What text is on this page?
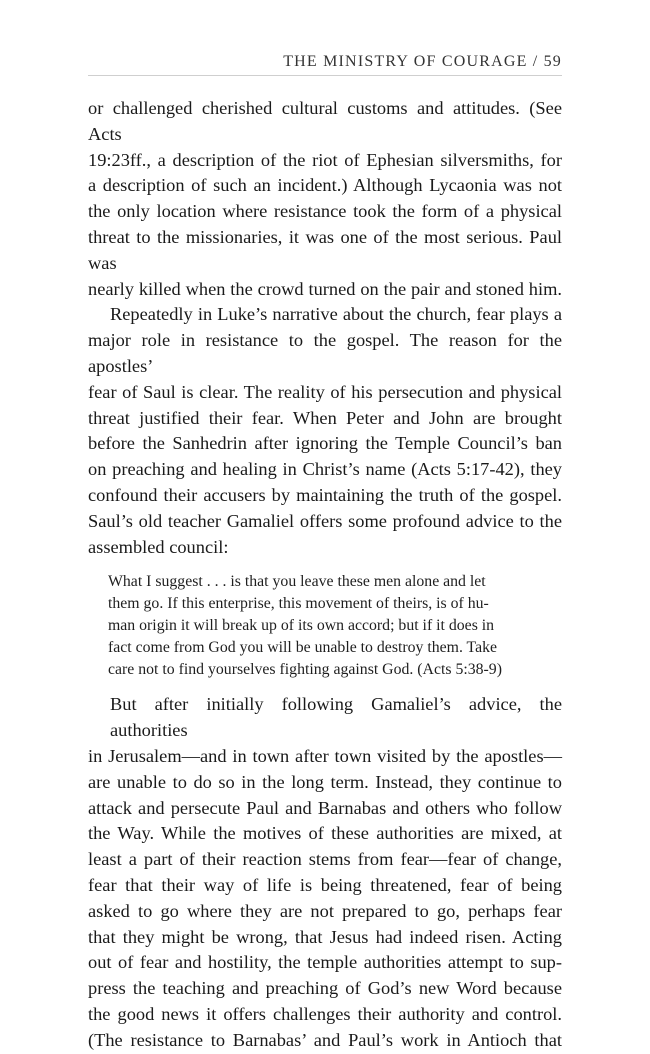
THE MINISTRY OF COURAGE / 59

or challenged cherished cultural customs and attitudes. (See Acts
19:23ff., a description of the riot of Ephesian silversmiths, for
a description of such an incident.) Although Lycaonia was not
the only location where resistance took the form of a physical
threat to the missionaries, it was one of the most serious. Paul was
nearly killed when the crowd turned on the pair and stoned him.

Repeatedly in Luke’s narrative about the church, fear plays a
major role in resistance to the gospel. The reason for the apostles’
fear of Saul is clear. The reality of his persecution and physical
threat justified their fear. When Peter and John are brought
before the Sanhedrin after ignoring the Temple Council’s ban
on preaching and healing in Christ’s name (Acts 5:17-42), they
confound their accusers by maintaining the truth of the gospel.
Saul’s old teacher Gamaliel offers some profound advice to the
assembled council:

What I suggest . . . is that you leave these men alone and let
them go. If this enterprise, this movement of theirs, is of hu-
man origin it will break up of its own accord; but if it does in
fact come from God you will be unable to destroy them. Take
care not to find yourselves fighting against God. (Acts 5:38-9)

But after initially following Gamaliel’s advice, the authorities
in Jerusalem—and in town after town visited by the apostles—
are unable to do so in the long term. Instead, they continue to
attack and persecute Paul and Barnabas and others who follow
the Way. While the motives of these authorities are mixed, at
least a part of their reaction stems from fear—fear of change,
fear that their way of life is being threatened, fear of being
asked to go where they are not prepared to go, perhaps fear
that they might be wrong, that Jesus had indeed risen. Acting
out of fear and hostility, the temple authorities attempt to sup-
press the teaching and preaching of God’s new Word because
the good news it offers challenges their authority and control.
(The resistance to Barnabas’ and Paul’s work in Antioch that
